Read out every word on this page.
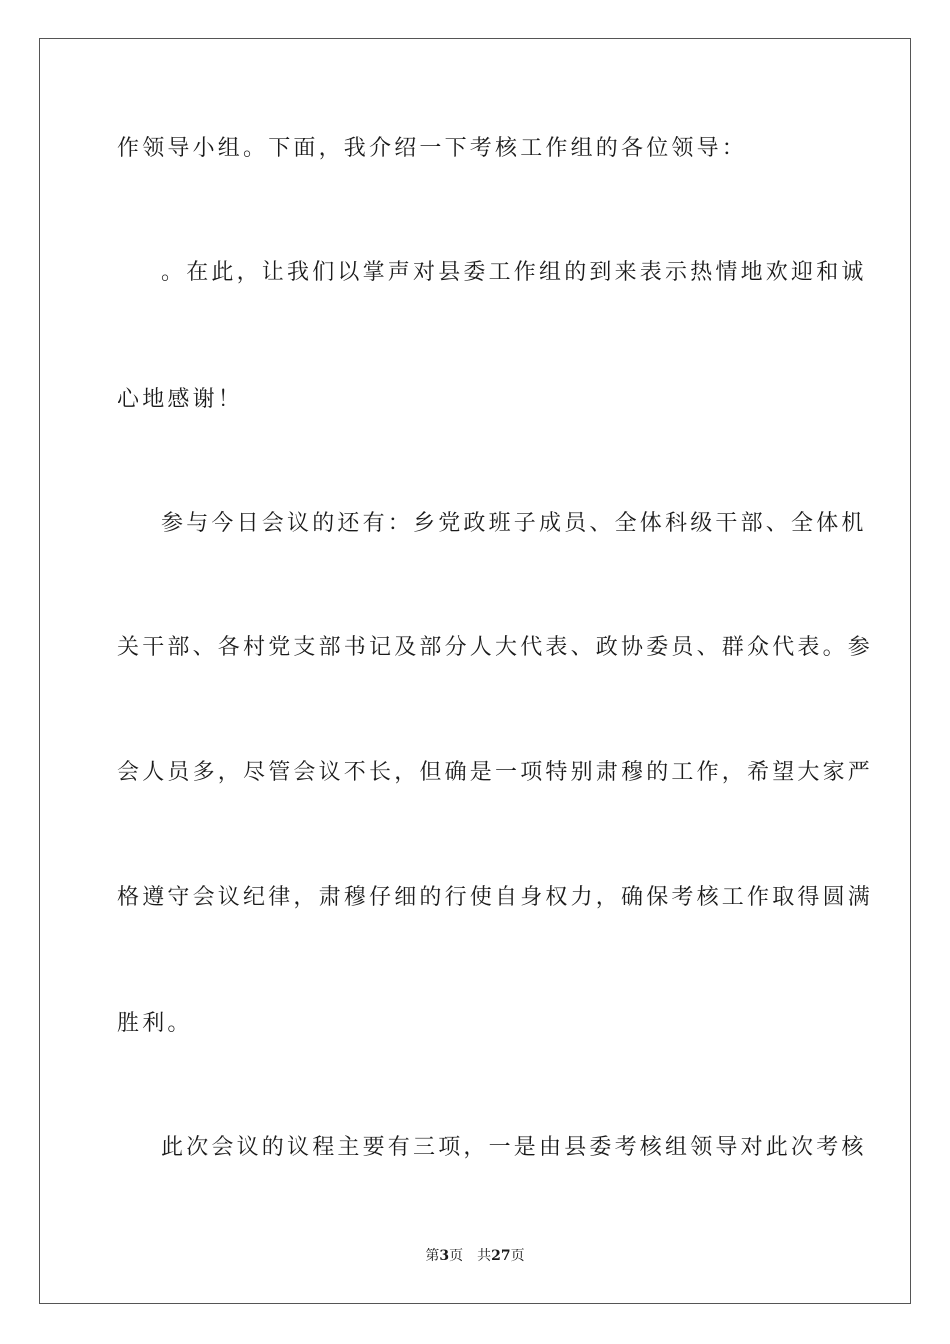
作领导小组。下面，我介绍一下考核工作组的各位领导：
。在此，让我们以掌声对县委工作组的到来表示热情地欢迎和诚
心地感谢！
参与今日会议的还有：乡党政班子成员、全体科级干部、全体机
关干部、各村党支部书记及部分人大代表、政协委员、群众代表。参
会人员多，尽管会议不长，但确是一项特别肃穆的工作，希望大家严
格遵守会议纪律，肃穆仔细的行使自身权力，确保考核工作取得圆满
胜利。
此次会议的议程主要有三项，一是由县委考核组领导对此次考核
第3页 共27页
